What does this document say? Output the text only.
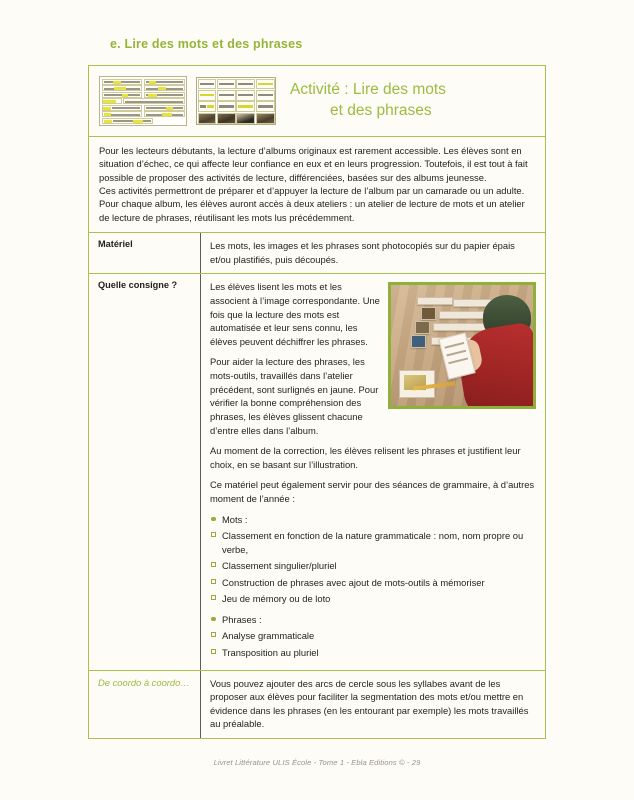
e. Lire des mots et des phrases
Activité : Lire des mots
et des phrases

Pour les lecteurs débutants, la lecture d’albums originaux est rarement accessible. Les élèves sont en situation d’échec, ce qui affecte leur confiance en eux et en leurs progression. Toutefois, il est tout à fait possible de proposer des activités de lecture, différenciées, basées sur des albums jeunesse.

Ces activités permettront de préparer et d’appuyer la lecture de l’album par un camarade ou un adulte. Pour chaque album, les élèves auront accès à deux ateliers : un atelier de lecture de mots et un atelier de lecture de phrases, réutilisant les mots lus précédemment.

Matériel	Les mots, les images et les phrases sont photocopiés sur du papier épais et/ou plastifiés, puis découpés.

Quelle consigne ?	Les élèves lisent les mots et les associent à l’image correspondante. Une fois que la lecture des mots est automatisée et leur sens connu, les élèves peuvent déchiffrer les phrases.

Pour aider la lecture des phrases, les mots-outils, travaillés dans l’atelier précédent, sont surlignés en jaune. Pour vérifier la bonne compréhension des phrases, les élèves glissent chacune d’entre elles dans l’album.

Au moment de la correction, les élèves relisent les phrases et justifient leur choix, en se basant sur l’illustration.

Ce matériel peut également servir pour des séances de grammaire, à d’autres moment de l’année :

Mots :
Classement en fonction de la nature grammaticale : nom, nom propre ou verbe,
Classement singulier/pluriel
Construction de phrases avec ajout de mots-outils à mémoriser
Jeu de mémory ou de loto
Phrases :
Analyse grammaticale
Transposition au pluriel
De coordo à coordo…	Vous pouvez ajouter des arcs de cercle sous les syllabes avant de les proposer aux élèves pour faciliter la segmentation des mots et/ou mettre en évidence dans les phrases (en les entourant par exemple) les mots travaillés au préalable.

Livret Littérature ULIS École - Tome 1 - Ebla Editions © - 29
